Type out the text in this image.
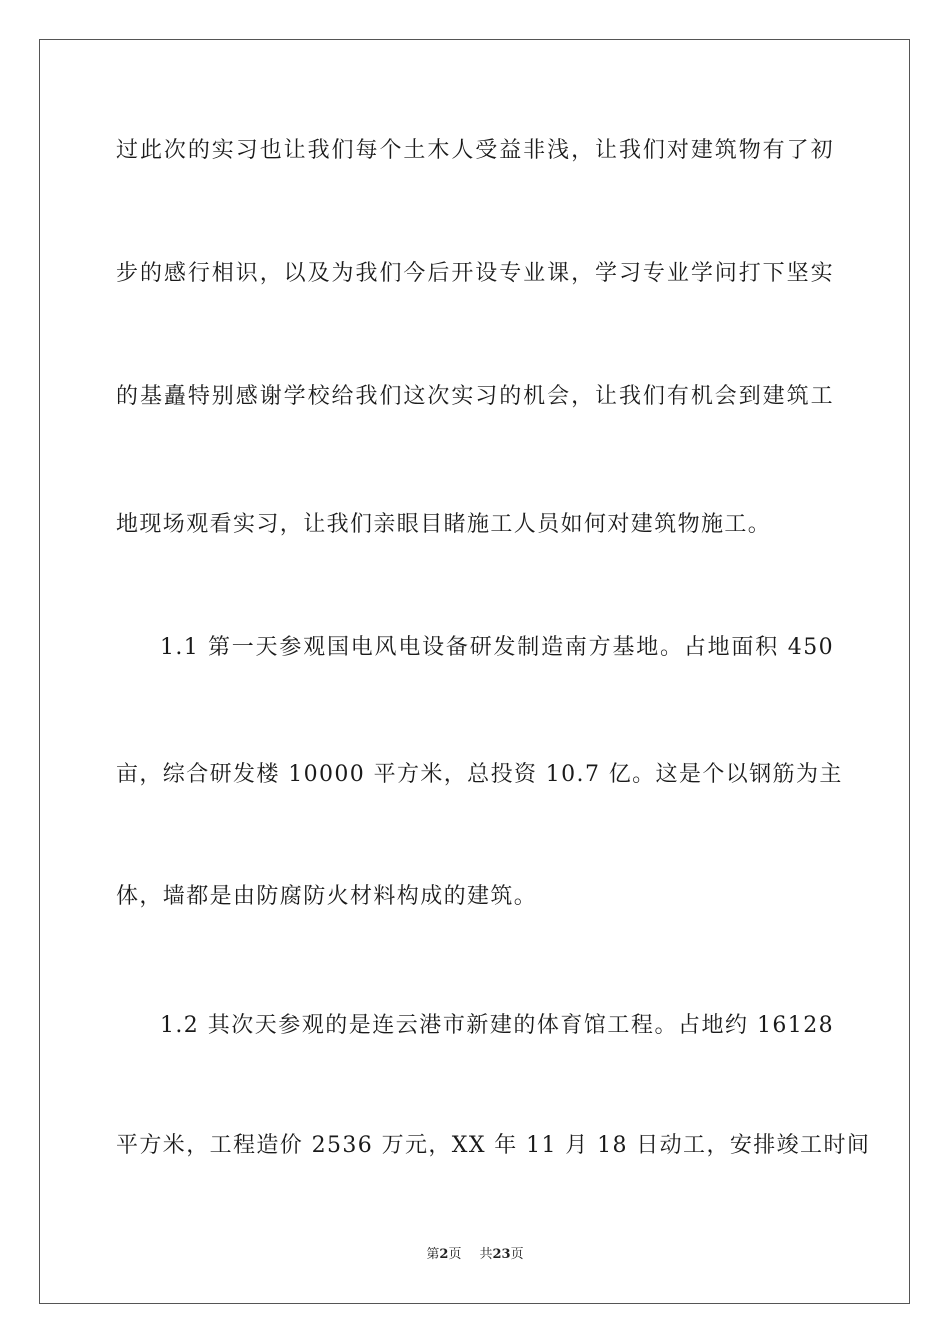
过此次的实习也让我们每个土木人受益非浅，让我们对建筑物有了初
步的感行相识，以及为我们今后开设专业课，学习专业学问打下坚实
的基矗特别感谢学校给我们这次实习的机会，让我们有机会到建筑工
地现场观看实习，让我们亲眼目睹施工人员如何对建筑物施工。
1.1 第一天参观国电风电设备研发制造南方基地。占地面积 450
亩，综合研发楼 10000 平方米，总投资 10.7 亿。这是个以钢筋为主
体，墙都是由防腐防火材料构成的建筑。
1.2 其次天参观的是连云港市新建的体育馆工程。占地约 16128
平方米，工程造价 2536 万元，XX 年 11 月 18 日动工，安排竣工时间
第2页 共23页
